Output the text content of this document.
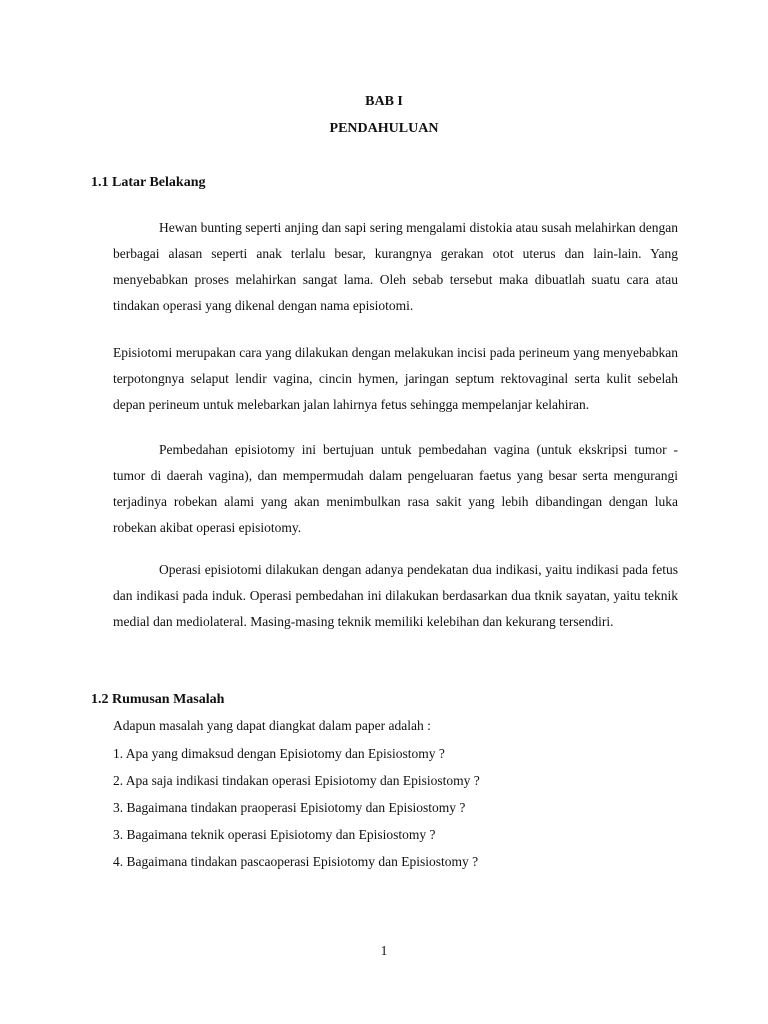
BAB I
PENDAHULUAN
1.1 Latar Belakang

Hewan bunting seperti anjing dan sapi sering mengalami distokia atau susah melahirkan dengan berbagai alasan seperti anak terlalu besar, kurangnya gerakan otot uterus dan lain-lain. Yang menyebabkan proses melahirkan sangat lama. Oleh sebab tersebut maka dibuatlah suatu cara atau tindakan operasi yang dikenal dengan nama episiotomi.

Episiotomi merupakan cara yang dilakukan dengan melakukan incisi pada perineum yang menyebabkan terpotongnya selaput lendir vagina, cincin hymen, jaringan septum rektovaginal serta kulit sebelah depan perineum untuk melebarkan jalan lahirnya fetus sehingga mempelanjar kelahiran.

Pembedahan episiotomy ini bertujuan untuk pembedahan vagina (untuk ekskripsi tumor - tumor di daerah vagina), dan mempermudah dalam pengeluaran faetus yang besar serta mengurangi terjadinya robekan alami yang akan menimbulkan rasa sakit yang lebih dibandingan dengan luka robekan akibat operasi episiotomy.

Operasi episiotomi dilakukan dengan adanya pendekatan dua indikasi, yaitu indikasi pada fetus dan indikasi pada induk. Operasi pembedahan ini dilakukan berdasarkan dua tknik sayatan, yaitu teknik medial dan mediolateral. Masing-masing teknik memiliki kelebihan dan kekurang tersendiri.

1.2 Rumusan Masalah
Adapun masalah yang dapat diangkat dalam paper adalah :
1. Apa yang dimaksud dengan Episiotomy dan Episiostomy ?
2. Apa saja indikasi tindakan operasi Episiotomy dan Episiostomy ?
3. Bagaimana tindakan praoperasi Episiotomy dan Episiostomy ?
3. Bagaimana teknik operasi Episiotomy dan Episiostomy ?
4. Bagaimana tindakan pascaoperasi Episiotomy dan Episiostomy ?
1
